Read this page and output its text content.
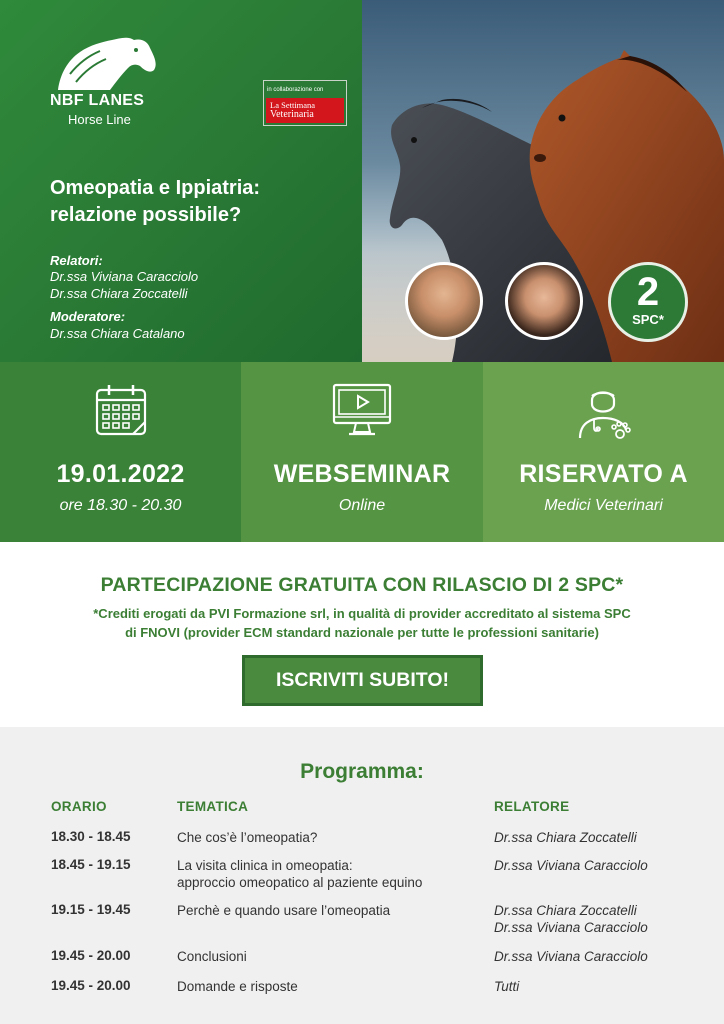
NBF LANES
Horse Line
in collaborazione con
La Settimana
Veterinaria
Omeopatia e Ippiatria:
relazione possibile?
Relatori:
Dr.ssa Viviana Caracciolo
Dr.ssa Chiara Zoccatelli
Moderatore:
Dr.ssa Chiara Catalano
2
SPC*
19.01.2022
ore 18.30 - 20.30
WEBSEMINAR
Online
RISERVATO A
Medici Veterinari
PARTECIPAZIONE GRATUITA CON RILASCIO DI 2 SPC*
*Crediti erogati da PVI Formazione srl, in qualità di provider accreditato al sistema SPC
di FNOVI (provider ECM standard nazionale per tutte le professioni sanitarie)
ISCRIVITI SUBITO!
Programma:
ORARIO	TEMATICA	RELATORE
18.30 - 18.45	Che cos’è l’omeopatia?	Dr.ssa Chiara Zoccatelli
18.45 - 19.15	La visita clinica in omeopatia:
approccio omeopatico al paziente equino
Dr.ssa Viviana Caracciolo
19.15 - 19.45	Perchè e quando usare l’omeopatia	Dr.ssa Chiara Zoccatelli
Dr.ssa Viviana Caracciolo
19.45 - 20.00	Conclusioni	Dr.ssa Viviana Caracciolo
19.45 - 20.00	Domande e risposte	Tutti
